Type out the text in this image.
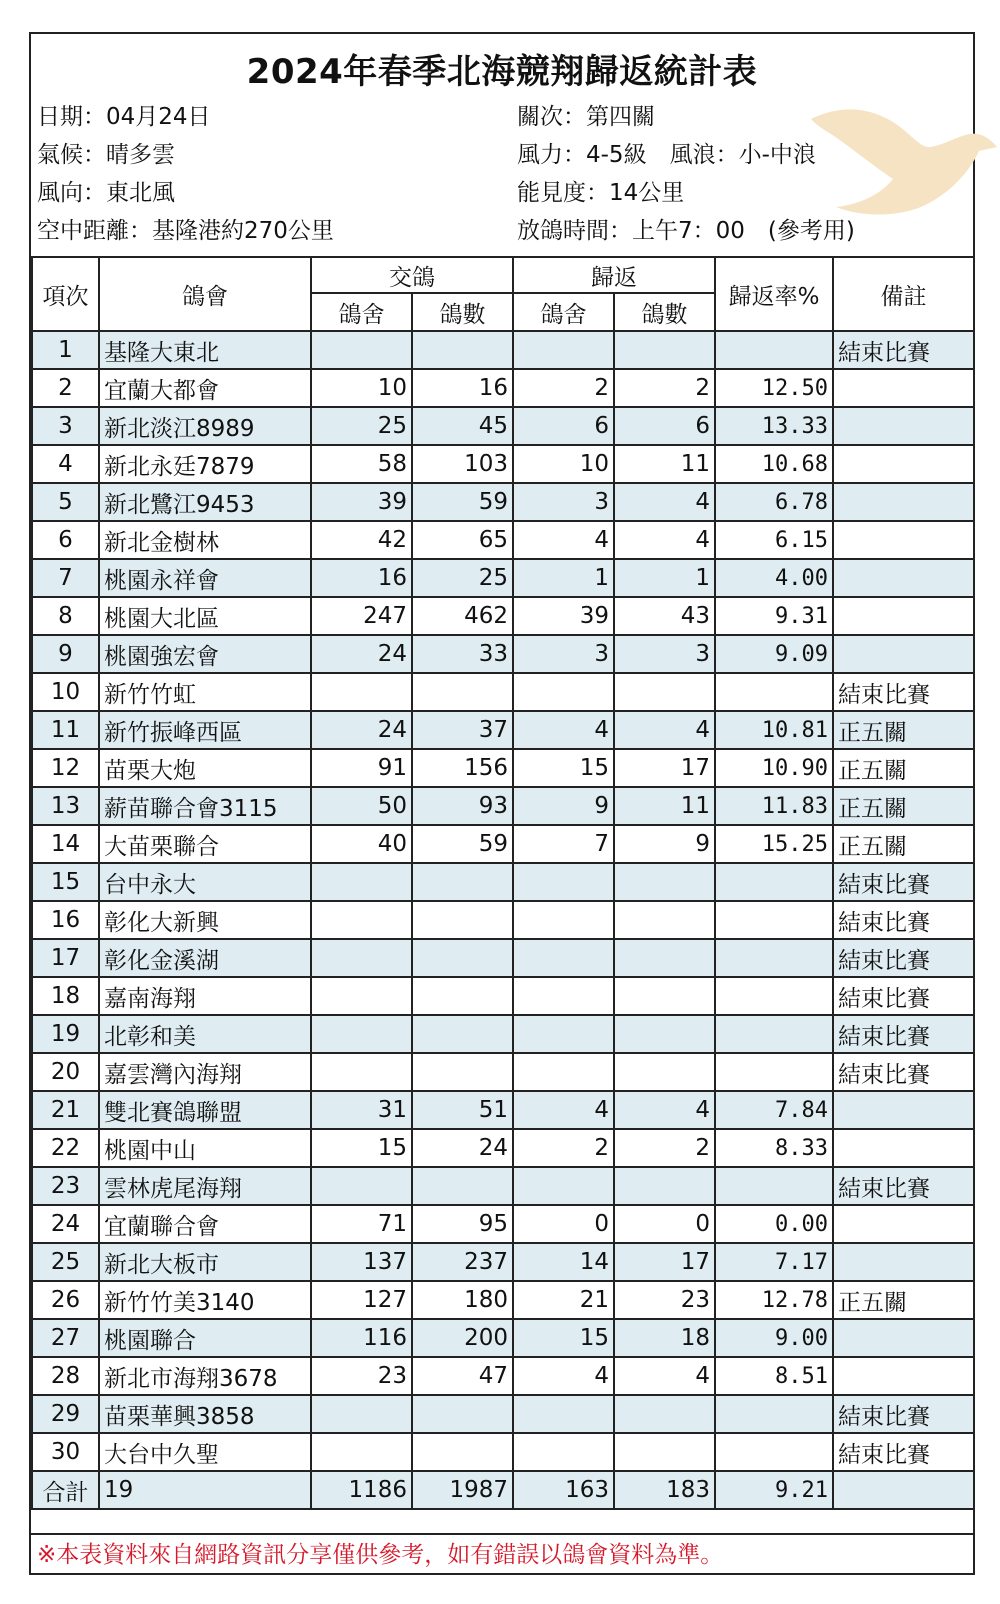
2024年春季北海競翔歸返統計表
日期：04月24日
氣候：晴多雲
風向：東北風
空中距離：基隆港約270公里
關次：第四關
風力：4-5級　風浪：小-中浪
能見度：14公里
放鴿時間：上午7：00　(參考用)
項次	鴿會	交鴿		歸返		歸返率%	備註
		鴿舍	鴿數	鴿舍	鴿數		
1	基隆大東北						結束比賽
2	宜蘭大都會	10	16	2	2	12.50	
3	新北淡江8989	25	45	6	6	13.33	
4	新北永廷7879	58	103	10	11	10.68	
5	新北鷺江9453	39	59	3	4	6.78	
6	新北金樹林	42	65	4	4	6.15	
7	桃園永祥會	16	25	1	1	4.00	
8	桃園大北區	247	462	39	43	9.31	
9	桃園強宏會	24	33	3	3	9.09	
10	新竹竹虹						結束比賽
11	新竹振峰西區	24	37	4	4	10.81	正五關
12	苗栗大炮	91	156	15	17	10.90	正五關
13	薪苗聯合會3115	50	93	9	11	11.83	正五關
14	大苗栗聯合	40	59	7	9	15.25	正五關
15	台中永大						結束比賽
16	彰化大新興						結束比賽
17	彰化金溪湖						結束比賽
18	嘉南海翔						結束比賽
19	北彰和美						結束比賽
20	嘉雲灣內海翔						結束比賽
21	雙北賽鴿聯盟	31	51	4	4	7.84	
22	桃園中山	15	24	2	2	8.33	
23	雲林虎尾海翔						結束比賽
24	宜蘭聯合會	71	95	0	0	0.00	
25	新北大板市	137	237	14	17	7.17	
26	新竹竹美3140	127	180	21	23	12.78	正五關
27	桃園聯合	116	200	15	18	9.00	
28	新北市海翔3678	23	47	4	4	8.51	
29	苗栗華興3858						結束比賽
30	大台中久聖						結束比賽
合計	19	1186	1987	163	183	9.21	
※本表資料來自網路資訊分享僅供參考，如有錯誤以鴿會資料為準。
